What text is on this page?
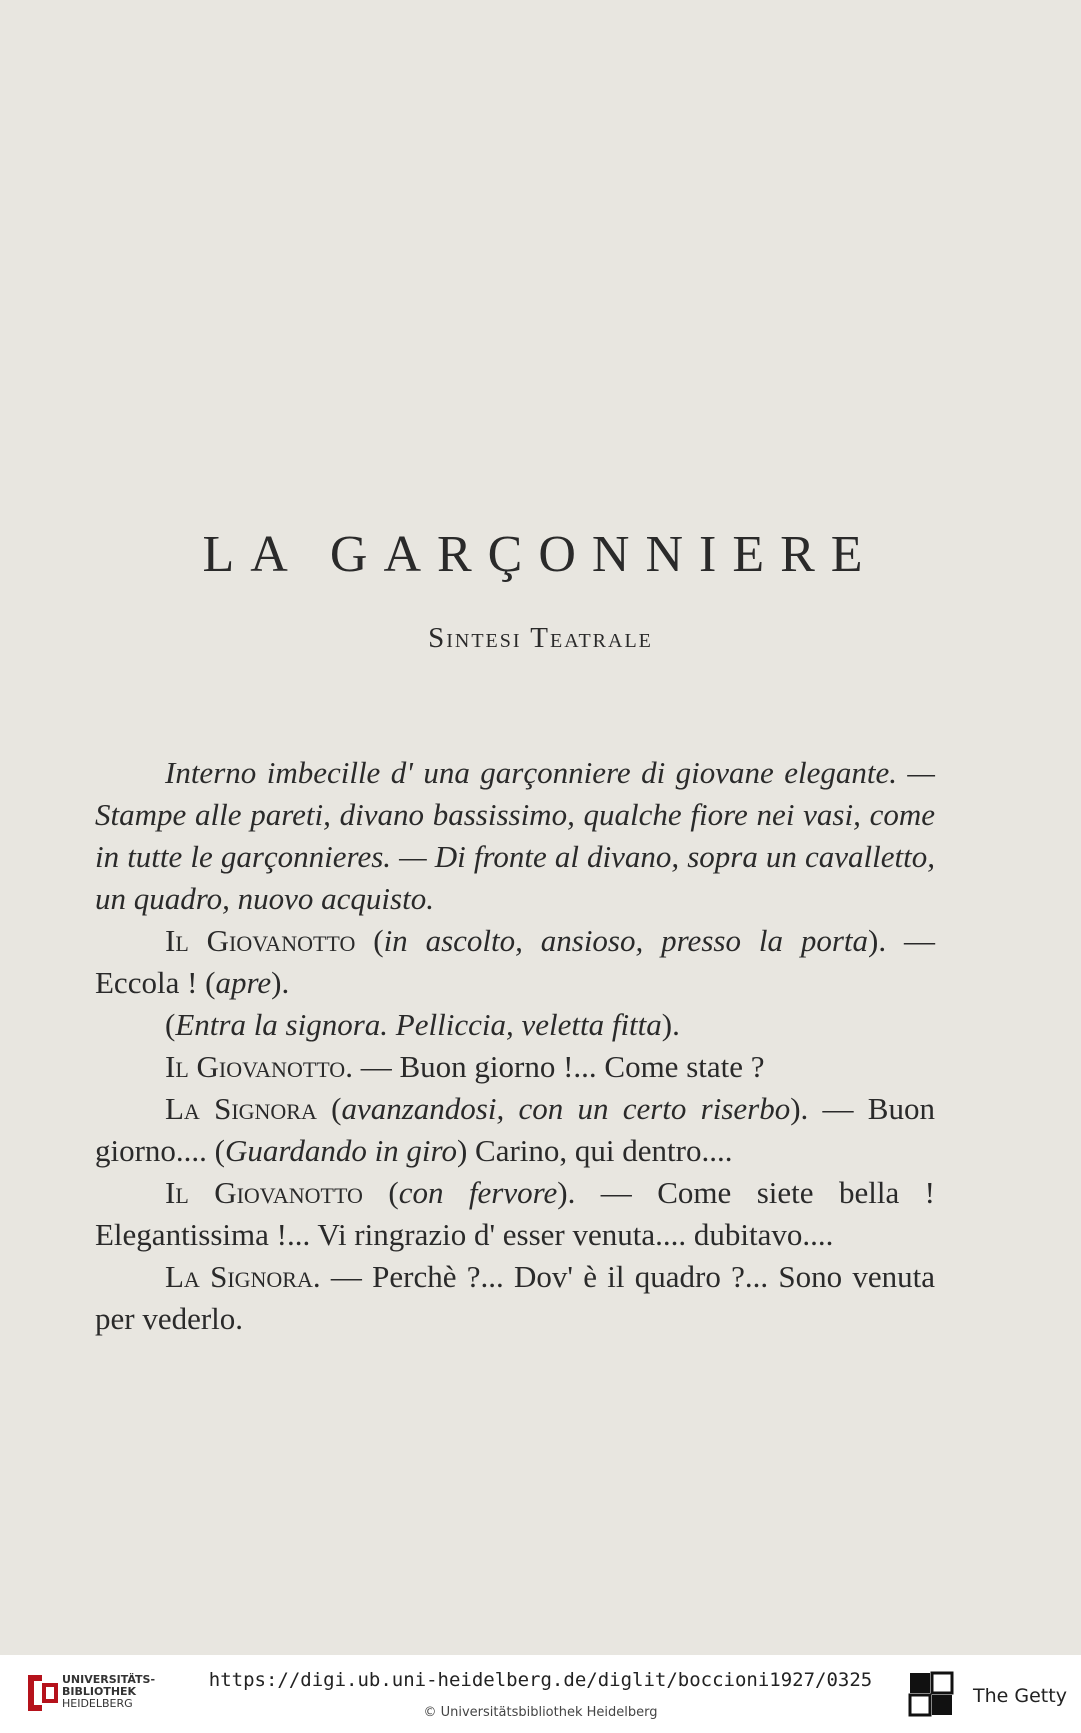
LA GARÇONNIERE
Sintesi Teatrale

Interno imbecille d' una garçonniere di giovane elegante. — Stampe alle pareti, divano bassissimo, qualche fiore nei vasi, come in tutte le garçonnieres. — Di fronte al divano, sopra un cavalletto, un quadro, nuovo acquisto.

Il Giovanotto (in ascolto, ansioso, presso la porta). — Eccola ! (apre).

(Entra la signora. Pelliccia, veletta fitta).

Il Giovanotto. — Buon giorno !... Come state ?

La Signora (avanzandosi, con un certo riserbo). — Buon giorno.... (Guardando in giro) Carino, qui dentro....

Il Giovanotto (con fervore). — Come siete bella ! Elegantissima !... Vi ringrazio d' esser venuta.... dubitavo....

La Signora. — Perchè ?... Dov' è il quadro ?... Sono venuta per vederlo.

UNIVERSITÄTS-
BIBLIOTHEK
HEIDELBERG
https://digi.ub.uni-heidelberg.de/diglit/boccioni1927/0325
© Universitätsbibliothek Heidelberg
The Getty
